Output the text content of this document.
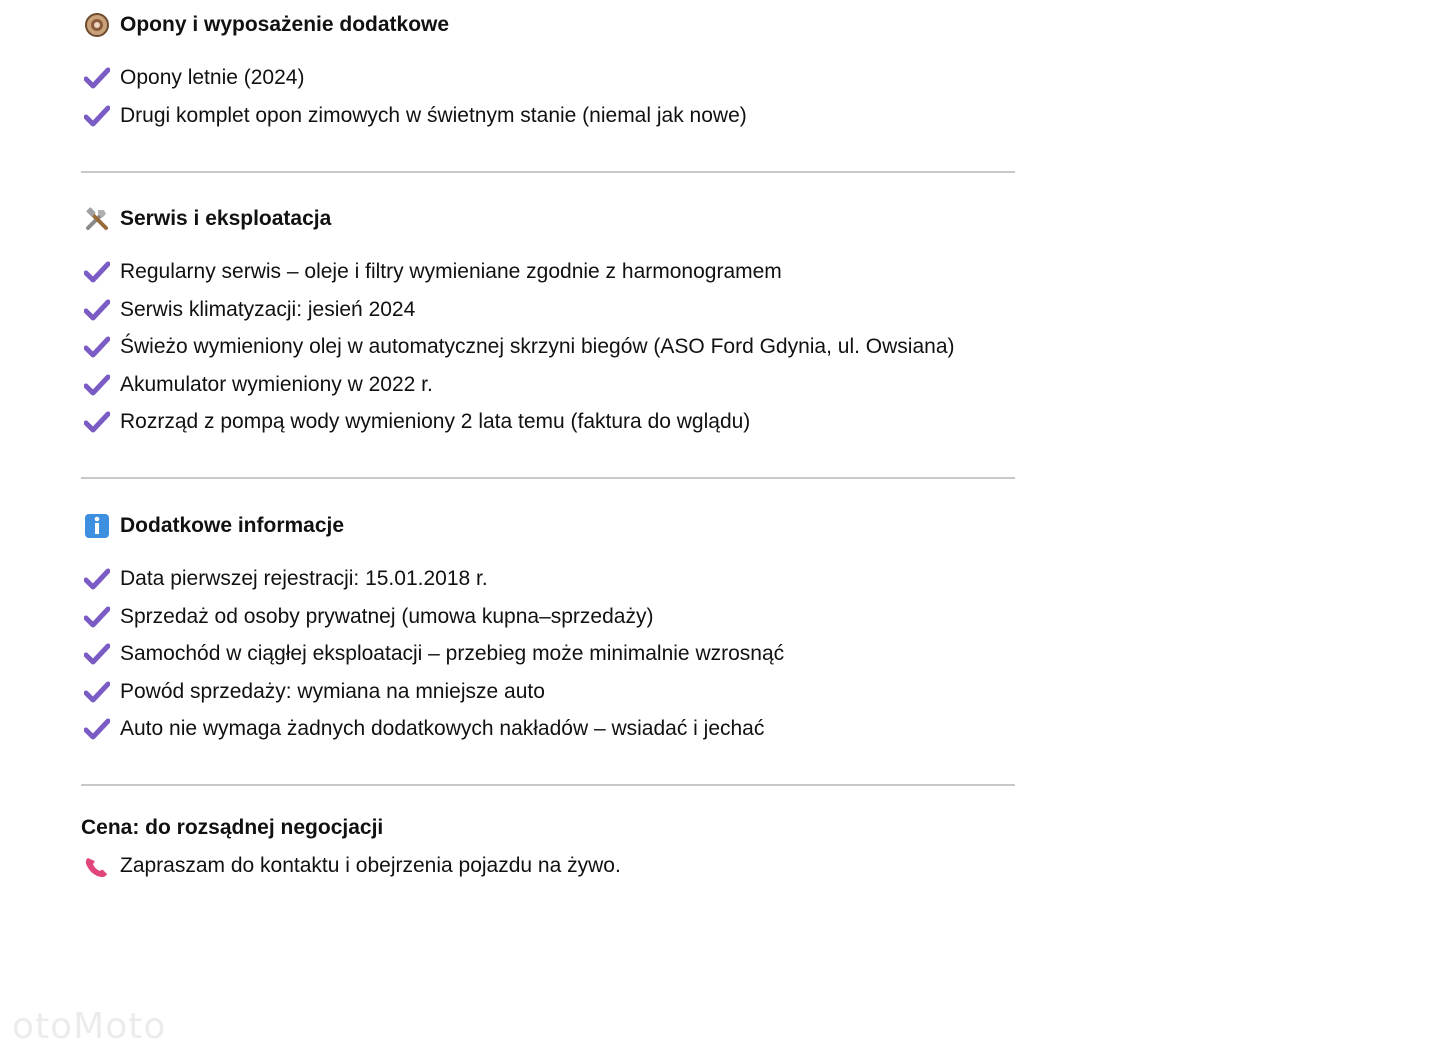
Opony i wyposażenie dodatkowe
Opony letnie (2024)
Drugi komplet opon zimowych w świetnym stanie (niemal jak nowe)
Serwis i eksploatacja
Regularny serwis – oleje i filtry wymieniane zgodnie z harmonogramem
Serwis klimatyzacji: jesień 2024
Świeżo wymieniony olej w automatycznej skrzyni biegów (ASO Ford Gdynia, ul. Owsiana)
Akumulator wymieniony w 2022 r.
Rozrząd z pompą wody wymieniony 2 lata temu (faktura do wglądu)
Dodatkowe informacje
Data pierwszej rejestracji: 15.01.2018 r.
Sprzedaż od osoby prywatnej (umowa kupna–sprzedaży)
Samochód w ciągłej eksploatacji – przebieg może minimalnie wzrosnąć
Powód sprzedaży: wymiana na mniejsze auto
Auto nie wymaga żadnych dodatkowych nakładów – wsiadać i jechać
Cena: do rozsądnej negocjacji
Zapraszam do kontaktu i obejrzenia pojazdu na żywo.
otoMoto
